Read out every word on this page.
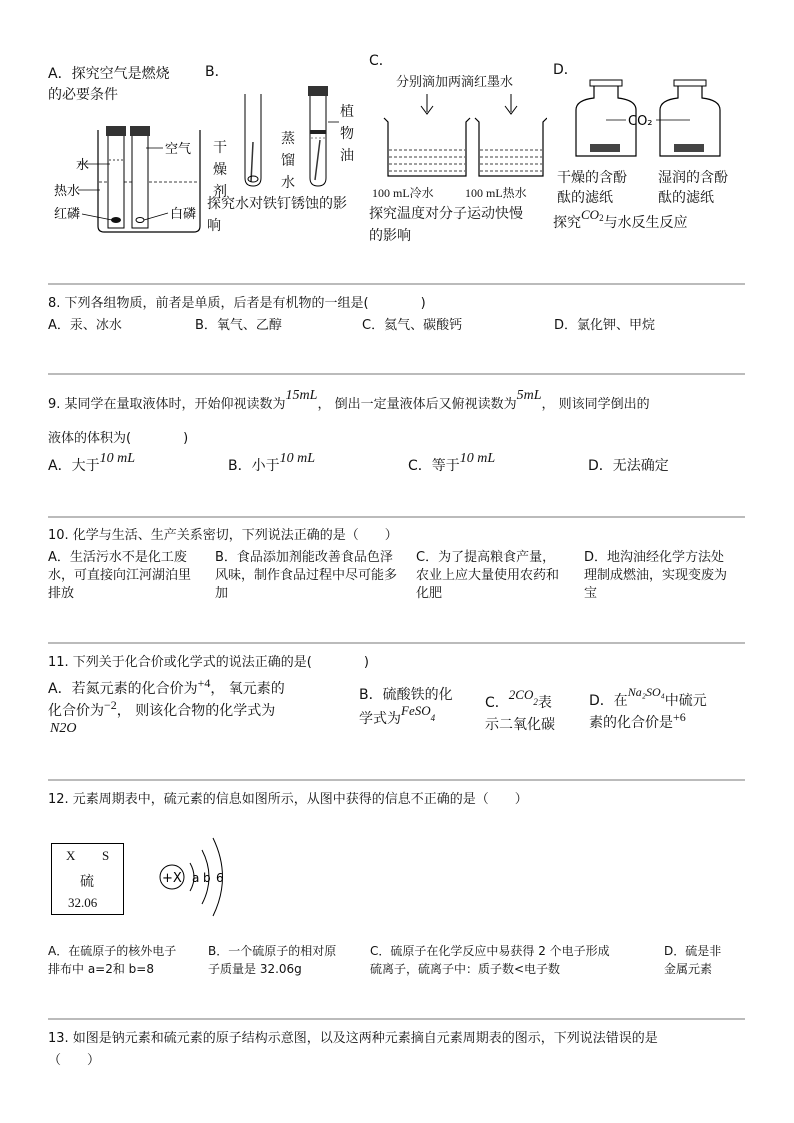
A．探究空气是燃烧
的必要条件
水
空气
热水
红磷	白磷
B．
干
燥
剂
蒸
馏
水
植
物
油
探究水对铁钉锈蚀的影
响
C．
分别滴加两滴红墨水
100 mL冷水	100 mL热水
探究温度对分子运动快慢
的影响
D．
CO₂
干燥的含酚
酞的滤纸
湿润的含酚
酞的滤纸
探究$CO_2$与水反生反应
8. 下列各组物质，前者是单质，后者是有机物的一组是(　　　　)
A．汞、冰水	B．氧气、乙醇	C．氦气、碳酸钙	D．氯化钾、甲烷
9. 某同学在量取液体时，开始仰视读数为15mL， 倒出一定量液体后又俯视读数为5mL， 则该同学倒出的
液体的体积为(　　　　)
A．大于10 mL	B．小于10 mL	C．等于10 mL	D．无法确定
10. 化学与生活、生产关系密切，下列说法正确的是（　　）
A．生活污水不是化工废
水，可直接向江河湖泊里
排放
B．食品添加剂能改善食品色泽
风味，制作食品过程中尽可能多
加
C．为了提高粮食产量，
农业上应大量使用农药和
化肥
D．地沟油经化学方法处
理制成燃油，实现变废为
宝
11. 下列关于化合价或化学式的说法正确的是(　　　　)
A．若氮元素的化合价为+4， 氧元素的
化合价为−2， 则该化合物的化学式为
N2O
B．硫酸铁的化
学式为FeSO$_4$
C．$2CO_2$表
示二氧化碳
D．在Na₂SO₄中硫元
素的化合价是+6
12. 元素周期表中，硫元素的信息如图所示，从图中获得的信息不正确的是（　　）
X S
硫
32.06
+X a b 6
A．在硫原子的核外电子
排布中 a=2和 b=8
B．一个硫原子的相对原
子质量是 32.06g
C．硫原子在化学反应中易获得 2 个电子形成
硫离子，硫离子中：质子数<电子数
D．硫是非
金属元素
13. 如图是钠元素和硫元素的原子结构示意图，以及这两种元素摘自元素周期表的图示，下列说法错误的是
（　　）
